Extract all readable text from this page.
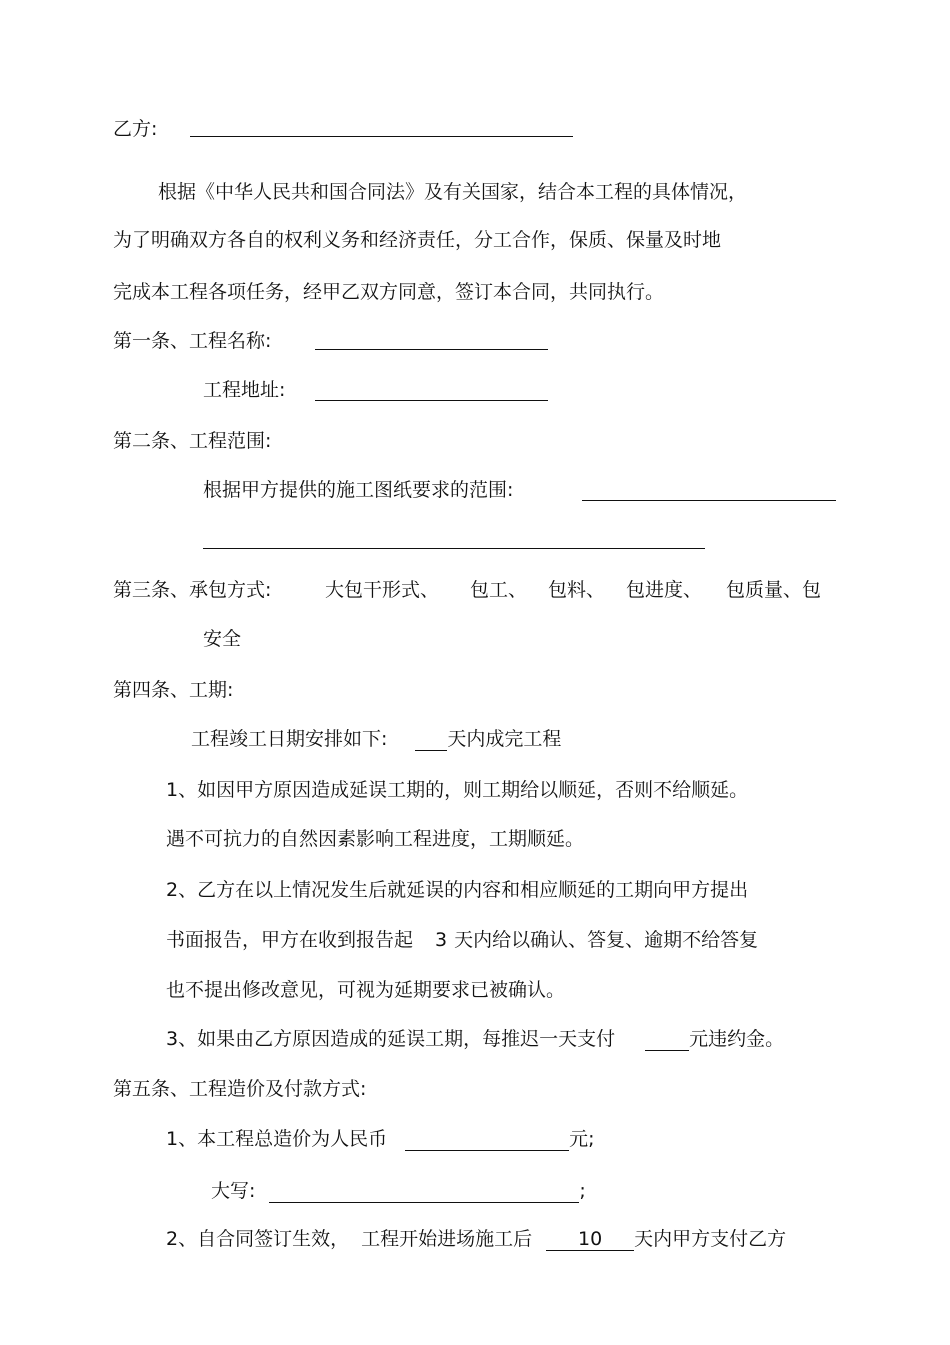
乙方:
根据《中华人民共和国合同法》及有关国家，结合本工程的具体情况，
为了明确双方各自的权利义务和经济责任，分工合作，保质、保量及时地
完成本工程各项任务，经甲乙双方同意，签订本合同，共同执行。
第一条、工程名称:
工程地址:
第二条、工程范围:
根据甲方提供的施工图纸要求的范围:
第三条、承包方式:	大包干形式、 包工、 包料、 包进度、 包质量、包
安全
第四条、工期:
工程竣工日期安排如下:	天内成完工程
1、如因甲方原因造成延误工期的，则工期给以顺延，否则不给顺延。
遇不可抗力的自然因素影响工程进度，工期顺延。
2、乙方在以上情况发生后就延误的内容和相应顺延的工期向甲方提出
书面报告，甲方在收到报告起 3 天内给以确认、答复、逾期不给答复
也不提出修改意见，可视为延期要求已被确认。
3、如果由乙方原因造成的延误工期，每推迟一天支付	元违约金。
第五条、工程造价及付款方式:
1、本工程总造价为人民币	元;
大写:	;
2、自合同签订生效， 工程开始进场施工后 10 天内甲方支付乙方
